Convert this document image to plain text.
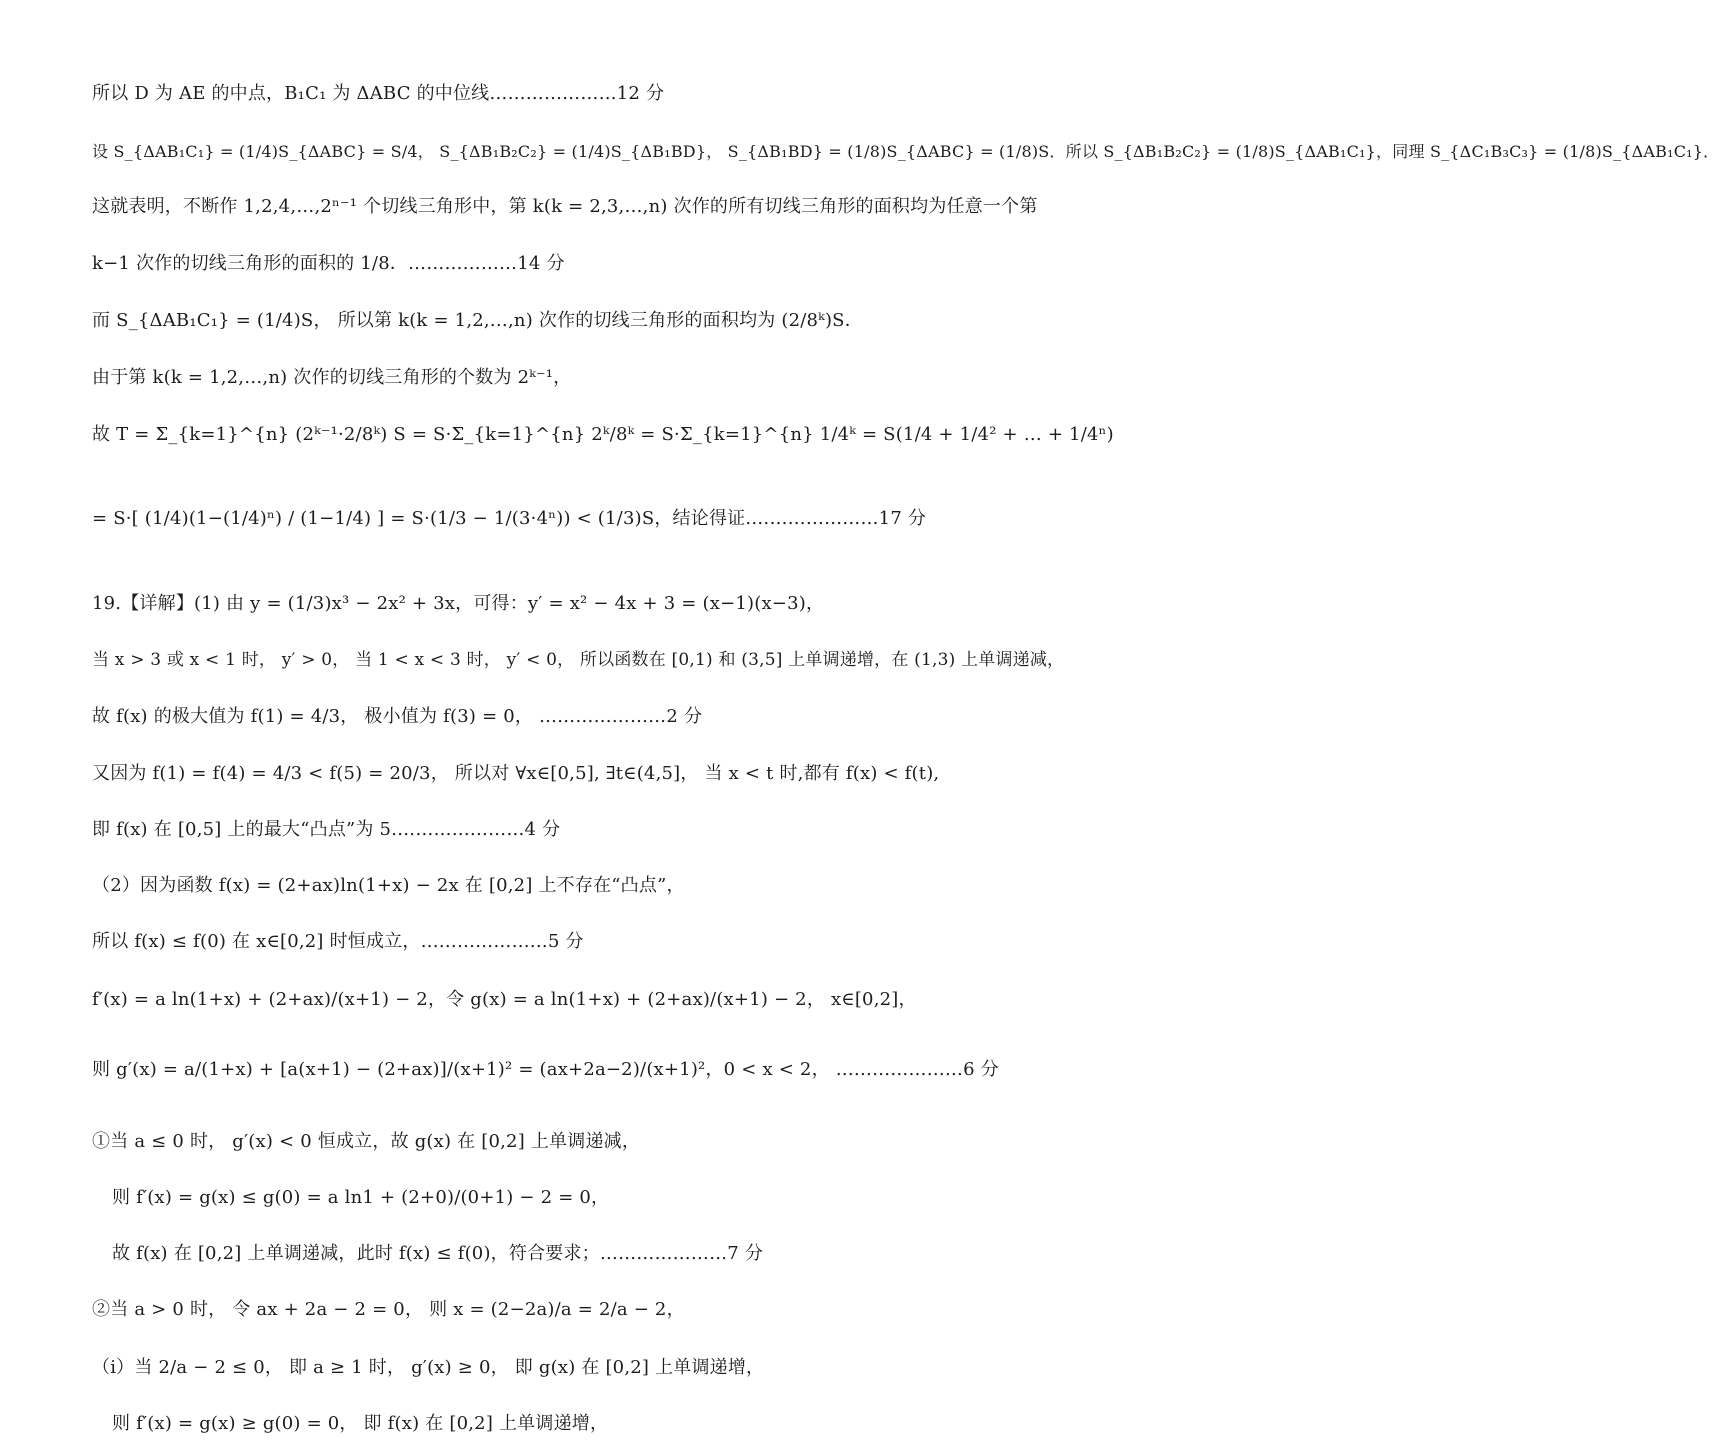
所以 D 为 AE 的中点，B₁C₁ 为 ΔABC 的中位线…………………12 分
设 S_{ΔAB₁C₁} = (1/4)S_{ΔABC} = S/4， S_{ΔB₁B₂C₂} = (1/4)S_{ΔB₁BD}， S_{ΔB₁BD} = (1/8)S_{ΔABC} = (1/8)S．所以 S_{ΔB₁B₂C₂} = (1/8)S_{ΔAB₁C₁}，同理 S_{ΔC₁B₃C₃} = (1/8)S_{ΔAB₁C₁}．
这就表明，不断作 1,2,4,…,2ⁿ⁻¹ 个切线三角形中，第 k(k = 2,3,…,n) 次作的所有切线三角形的面积均为任意一个第
k−1 次作的切线三角形的面积的 1/8．………………14 分
而 S_{ΔAB₁C₁} = (1/4)S， 所以第 k(k = 1,2,…,n) 次作的切线三角形的面积均为 (2/8ᵏ)S．
由于第 k(k = 1,2,…,n) 次作的切线三角形的个数为 2ᵏ⁻¹，
故 T = Σ_{k=1}^{n} (2ᵏ⁻¹·2/8ᵏ) S = S·Σ_{k=1}^{n} 2ᵏ/8ᵏ = S·Σ_{k=1}^{n} 1/4ᵏ = S(1/4 + 1/4² + … + 1/4ⁿ)
= S·[ (1/4)(1−(1/4)ⁿ) / (1−1/4) ] = S·(1/3 − 1/(3·4ⁿ)) < (1/3)S，结论得证.…………………17 分
19.【详解】(1) 由 y = (1/3)x³ − 2x² + 3x，可得：y′ = x² − 4x + 3 = (x−1)(x−3)，
当 x > 3 或 x < 1 时， y′ > 0， 当 1 < x < 3 时， y′ < 0， 所以函数在 [0,1) 和 (3,5] 上单调递增，在 (1,3) 上单调递减，
故 f(x) 的极大值为 f(1) = 4/3， 极小值为 f(3) = 0， …………………2 分
又因为 f(1) = f(4) = 4/3 < f(5) = 20/3， 所以对 ∀x∈[0,5], ∃t∈(4,5]， 当 x < t 时,都有 f(x) < f(t),
即 f(x) 在 [0,5] 上的最大“凸点”为 5.…………………4 分
（2）因为函数 f(x) = (2+ax)ln(1+x) − 2x 在 [0,2] 上不存在“凸点”，
所以 f(x) ≤ f(0) 在 x∈[0,2] 时恒成立，…………………5 分
f′(x) = a ln(1+x) + (2+ax)/(x+1) − 2，令 g(x) = a ln(1+x) + (2+ax)/(x+1) − 2， x∈[0,2]，
则 g′(x) = a/(1+x) + [a(x+1) − (2+ax)]/(x+1)² = (ax+2a−2)/(x+1)²，0 < x < 2， …………………6 分
①当 a ≤ 0 时， g′(x) < 0 恒成立，故 g(x) 在 [0,2] 上单调递减，
则 f′(x) = g(x) ≤ g(0) = a ln1 + (2+0)/(0+1) − 2 = 0，
故 f(x) 在 [0,2] 上单调递减，此时 f(x) ≤ f(0)，符合要求；…………………7 分
②当 a > 0 时， 令 ax + 2a − 2 = 0， 则 x = (2−2a)/a = 2/a − 2，
（i）当 2/a − 2 ≤ 0， 即 a ≥ 1 时， g′(x) ≥ 0， 即 g(x) 在 [0,2] 上单调递增，
则 f′(x) = g(x) ≥ g(0) = 0， 即 f(x) 在 [0,2] 上单调递增，
